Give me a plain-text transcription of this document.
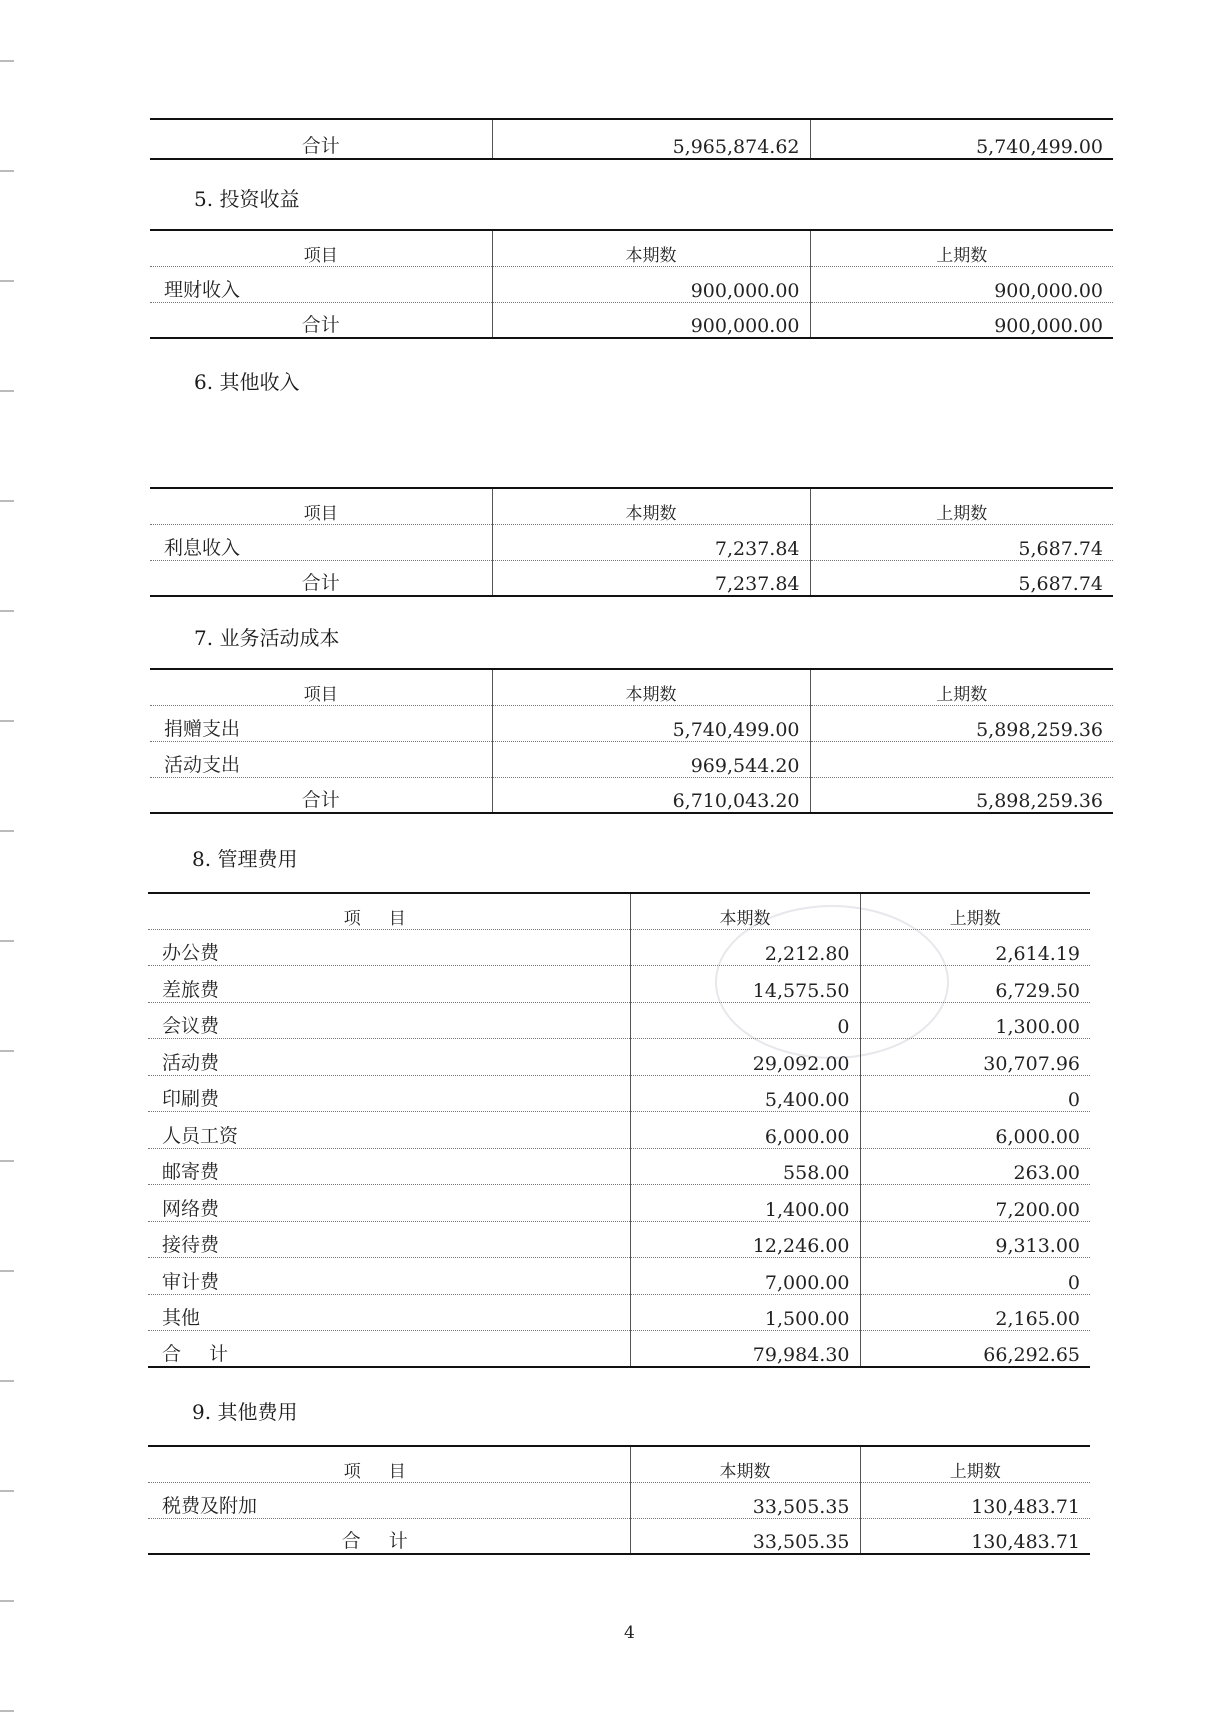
合计	5,965,874.62	5,740,499.00
5. 投资收益
项目	本期数	上期数
理财收入	900,000.00	900,000.00
合计	900,000.00	900,000.00
6. 其他收入
项目	本期数	上期数
利息收入	7,237.84	5,687.74
合计	7,237.84	5,687.74
7. 业务活动成本
项目	本期数	上期数
捐赠支出	5,740,499.00	5,898,259.36
活动支出	969,544.20	
合计	6,710,043.20	5,898,259.36
8. 管理费用
项目	本期数	上期数
办公费	2,212.80	2,614.19
差旅费	14,575.50	6,729.50
会议费	0	1,300.00
活动费	29,092.00	30,707.96
印刷费	5,400.00	0
人员工资	6,000.00	6,000.00
邮寄费	558.00	263.00
网络费	1,400.00	7,200.00
接待费	12,246.00	9,313.00
审计费	7,000.00	0
其他	1,500.00	2,165.00
合计	79,984.30	66,292.65
9. 其他费用
项目	本期数	上期数
税费及附加	33,505.35	130,483.71
合计	33,505.35	130,483.71
4
